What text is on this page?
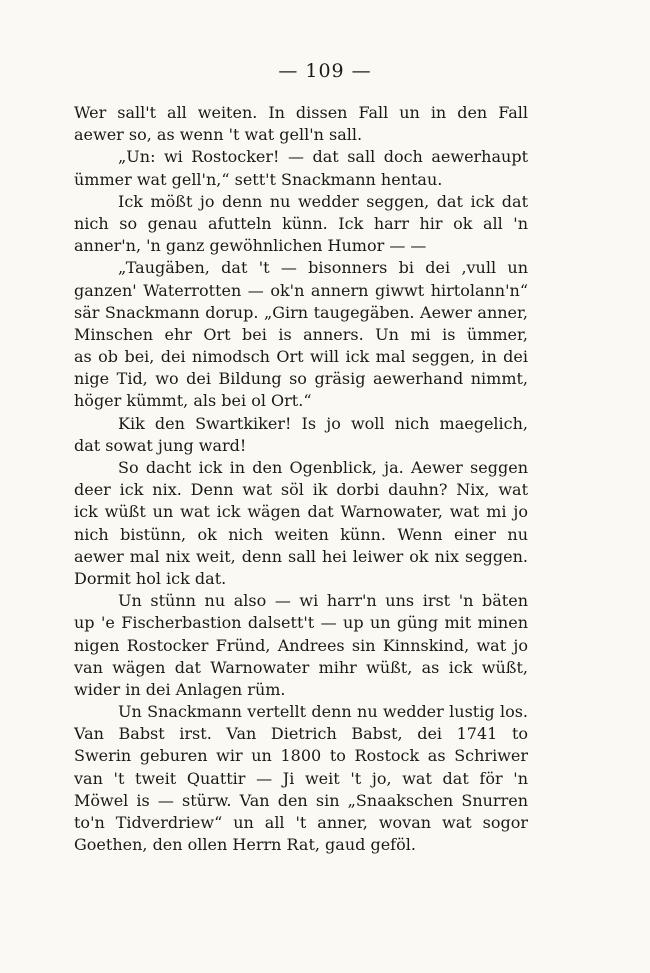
— 109 —
Wer sall't all weiten. In dissen Fall un in den Fall
aewer so, as wenn 't wat gell'n sall.
„Un: wi Rostocker! — dat sall doch aewerhaupt
ümmer wat gell'n,“ sett't Snackmann hentau.
Ick mößt jo denn nu wedder seggen, dat ick dat
nich so genau afutteln künn. Ick harr hir ok all 'n
anner'n, 'n ganz gewöhnlichen Humor — —
„Taugäben, dat 't — bisonners bi dei ‚vull un
ganzen' Waterrotten — ok'n annern giwwt hirtolann'n“
sär Snackmann dorup. „Girn taugegäben. Aewer anner,
Minschen ehr Ort bei is anners. Un mi is ümmer,
as ob bei, dei nimodsch Ort will ick mal seggen, in dei
nige Tid, wo dei Bildung so gräsig aewerhand nimmt,
höger kümmt, als bei ol Ort.“
Kik den Swartkiker! Is jo woll nich maegelich,
dat sowat jung ward!
So dacht ick in den Ogenblick, ja. Aewer seggen
deer ick nix. Denn wat söl ik dorbi dauhn? Nix, wat
ick wüßt un wat ick wägen dat Warnowater, wat mi jo
nich bistünn, ok nich weiten künn. Wenn einer nu
aewer mal nix weit, denn sall hei leiwer ok nix seggen.
Dormit hol ick dat.
Un stünn nu also — wi harr'n uns irst 'n bäten
up 'e Fischerbastion dalsett't — up un güng mit minen
nigen Rostocker Fründ, Andrees sin Kinnskind, wat jo
van wägen dat Warnowater mihr wüßt, as ick wüßt,
wider in dei Anlagen rüm.
Un Snackmann vertellt denn nu wedder lustig los.
Van Babst irst. Van Dietrich Babst, dei 1741 to
Swerin geburen wir un 1800 to Rostock as Schriwer
van 't tweit Quattir — Ji weit 't jo, wat dat för 'n
Möwel is — stürw. Van den sin „Snaakschen Snurren
to'n Tidverdriew“ un all 't anner, wovan wat sogor
Goethen, den ollen Herrn Rat, gaud geföl.
